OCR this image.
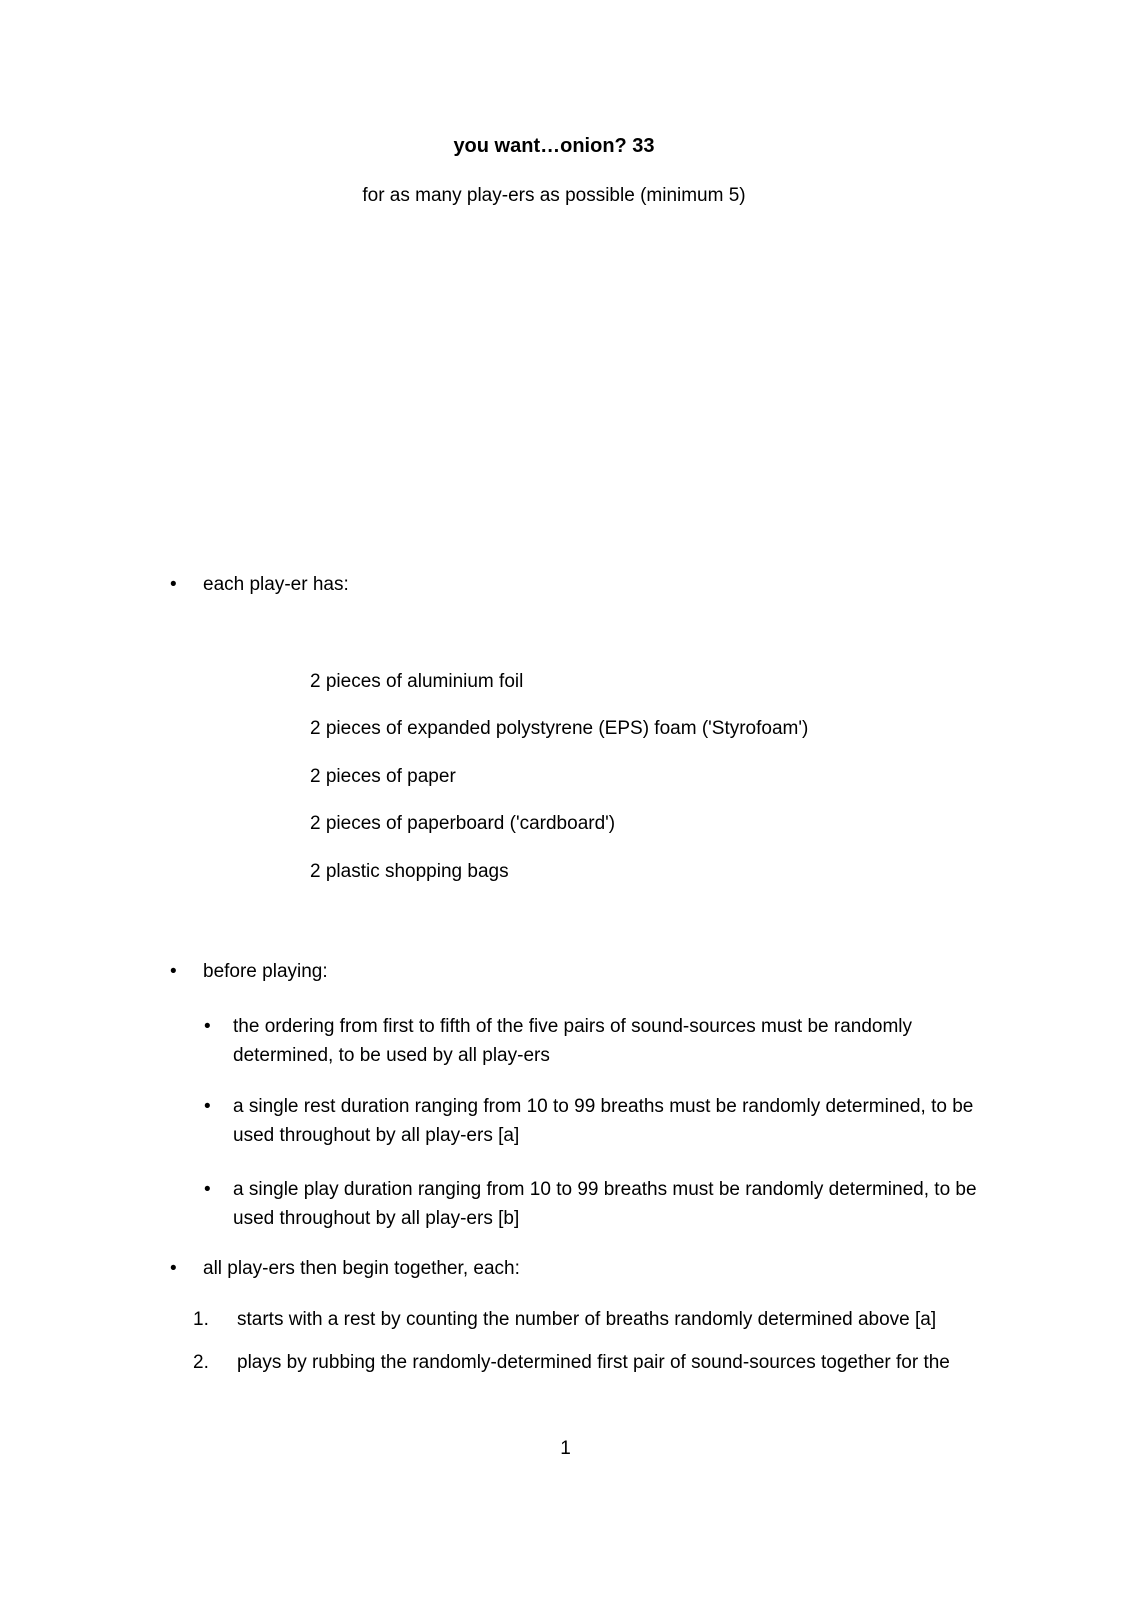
you want…onion? 33
for as many play-ers as possible (minimum 5)
•
each play-er has:
2 pieces of aluminium foil
2 pieces of expanded polystyrene (EPS) foam ('Styrofoam')
2 pieces of paper
2 pieces of paperboard ('cardboard')
2 plastic shopping bags
•
before playing:
•
the ordering from first to fifth of the five pairs of sound-sources must be randomly determined, to be used by all play-ers
•
a single rest duration ranging from 10 to 99 breaths must be randomly determined, to be used throughout by all play-ers [a]
•
a single play duration ranging from 10 to 99 breaths must be randomly determined, to be used throughout by all play-ers [b]
•
all play-ers then begin together, each:
1.	starts with a rest by counting the number of breaths randomly determined above [a]
2.	plays by rubbing the randomly-determined first pair of sound-sources together for the
1
